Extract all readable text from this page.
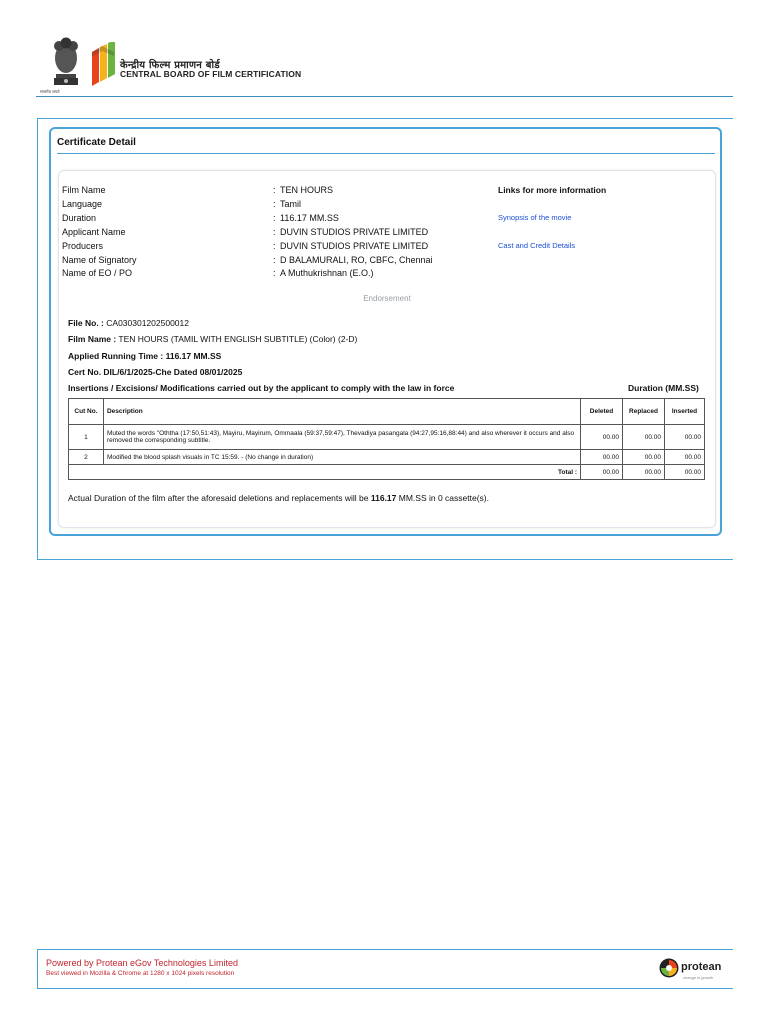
केन्द्रीय फिल्म प्रमाणन बोर्ड
CENTRAL BOARD OF FILM CERTIFICATION
सत्यमेव जयते
Certificate Detail
Film Name	: TEN HOURS
Language	: Tamil
Duration	: 116.17 MM.SS
Applicant Name	: DUVIN STUDIOS PRIVATE LIMITED
Producers	: DUVIN STUDIOS PRIVATE LIMITED
Name of Signatory	: D BALAMURALI, RO, CBFC, Chennai
Name of EO / PO	: A Muthukrishnan (E.O.)
Links for more information
Synopsis of the movie
Cast and Credit Details
Endorsement
File No. : CA030301202500012
Film Name : TEN HOURS (TAMIL WITH ENGLISH SUBTITLE) (Color) (2-D)
Applied Running Time : 116.17 MM.SS
Cert No. DIL/6/1/2025-Che Dated 08/01/2025
Insertions / Excisions/ Modifications carried out by the applicant to comply with the law in force	Duration (MM.SS)
Cut No.	Description	Deleted	Replaced	Inserted
1	Muted the words "Oththa (17:50,51:43), Mayiru, Mayirum, Ommaala (59:37,59:47), Thevadiya pasangala (94:27,95:16,88:44) and also wherever it occurs and also removed the corresponding subtitle.	00.00	00.00	00.00
2	Modified the blood splash visuals in TC 15:59. - (No change in duration)	00.00	00.00	00.00
Total :		00.00	00.00	00.00
Actual Duration of the film after the aforesaid deletions and replacements will be 116.17 MM.SS in 0 cassette(s).
Powered by Protean eGov Technologies Limited
Best viewed in Mozilla & Chrome at 1280 x 1024 pixels resolution
protean
change is growth
